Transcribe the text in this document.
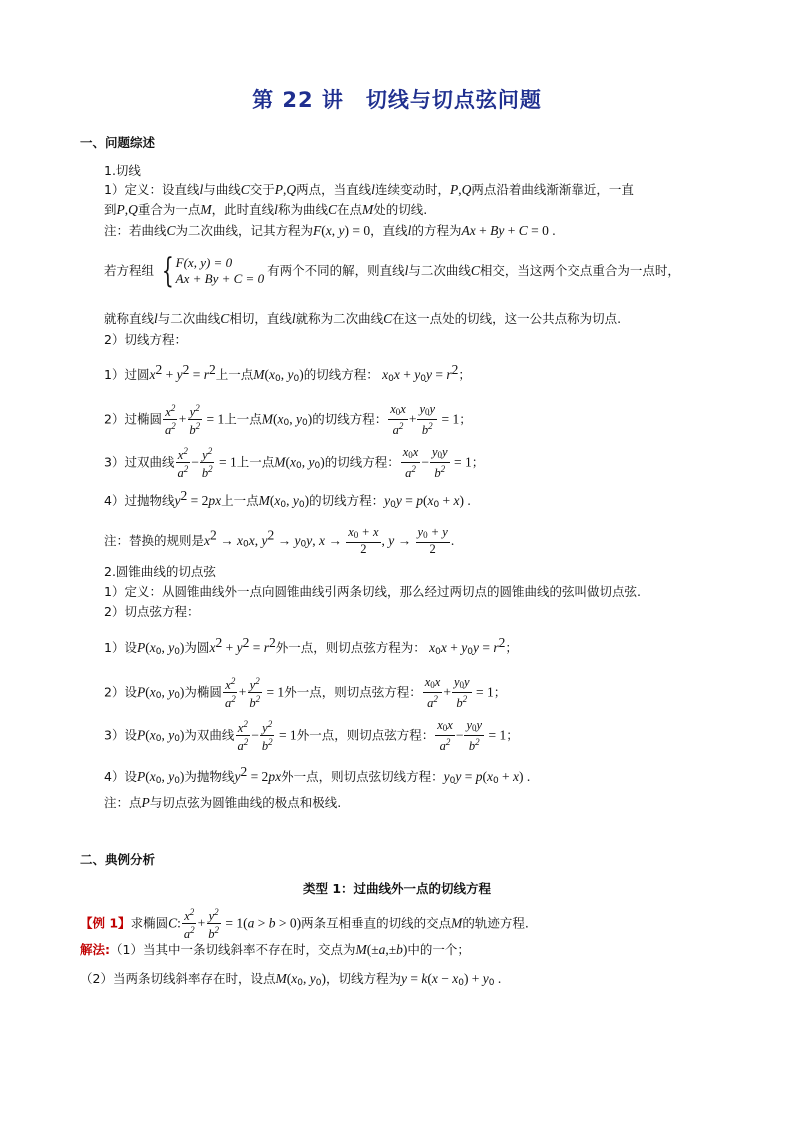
第 22 讲 切线与切点弦问题
一、问题综述
1.切线
1）定义：设直线l与曲线C交于P,Q两点，当直线l连续变动时，P,Q两点沿着曲线渐渐靠近，一直
到P,Q重合为一点M，此时直线l称为曲线C在点M处的切线.
注：若曲线C为二次曲线，记其方程为F(x, y) = 0，直线l的方程为Ax + By + C = 0 .
若方程组 { F(x, y) = 0
Ax + By + C = 0
有两个不同的解，则直线l与二次曲线C相交，当这两个交点重合为一点时，
就称直线l与二次曲线C相切，直线l就称为二次曲线C在这一点处的切线，这一公共点称为切点.
2）切线方程：
1）过圆$x^2 + y^2 = r^2$上一点$M(x_0$, $y_0$)的切线方程： $x_0x + y_0y = r^2$；
2）过椭圆 $\frac{x^2}{a^2} + \frac{y^2}{b^2} = 1$上一点$M(x_0$, $y_0$)的切线方程： $\frac{x_0x}{a^2} + \frac{y_0y}{b^2} = 1$；
3）过双曲线 $\frac{x^2}{a^2} - \frac{y^2}{b^2} = 1$上一点$M(x_0$, $y_0$)的切线方程： $\frac{x_0x}{a^2} - \frac{y_0y}{b^2} = 1$；
4）过抛物线$y^2 = 2px$上一点$M(x_0$, $y_0$)的切线方程：$y_0y = p(x_0 + x)$ .
注：替换的规则是$x^2 \to x_0x$, $y^2 \to y_0y$, $x \to \frac{x_0 + x}{2}$ , $y \to \frac{y_0 + y}{2}$ .
2.圆锥曲线的切点弦
1）定义：从圆锥曲线外一点向圆锥曲线引两条切线，那么经过两切点的圆锥曲线的弦叫做切点弦.
2）切点弦方程：
1）设$P(x_0$, $y_0$)为圆$x^2 + y^2 = r^2$外一点，则切点弦方程为： $x_0x + y_0y = r^2$；
2）设$P(x_0$, $y_0$)为椭圆 $\frac{x^2}{a^2} + \frac{y^2}{b^2} = 1$外一点，则切点弦方程： $\frac{x_0x}{a^2} + \frac{y_0y}{b^2} = 1$；
3）设$P(x_0$, $y_0$)为双曲线 $\frac{x^2}{a^2} - \frac{y^2}{b^2} = 1$外一点，则切点弦方程： $\frac{x_0x}{a^2} - \frac{y_0y}{b^2} = 1$；
4）设$P(x_0$, $y_0$)为抛物线$y^2 = 2px$外一点，则切点弦切线方程：$y_0y = p(x_0 + x)$ .
注：点P与切点弦为圆锥曲线的极点和极线.
二、典例分析
类型 1：过曲线外一点的切线方程
【例 1】求椭圆C: $\frac{x^2}{a^2} + \frac{y^2}{b^2} = 1(a > b > 0)$两条互相垂直的切线的交点M的轨迹方程.
解法:（1）当其中一条切线斜率不存在时，交点为M(±a,±b)中的一个；
（2）当两条切线斜率存在时，设点$M(x_0$, $y_0$)，切线方程为$y = k(x - x_0) + y_0$ .
